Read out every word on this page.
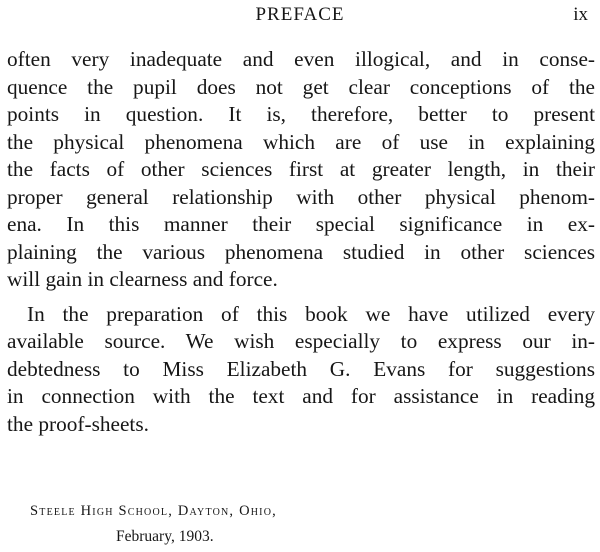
PREFACE	ix
often very inadequate and even illogical, and in conse-
quence the pupil does not get clear conceptions of the
points in question. It is, therefore, better to present
the physical phenomena which are of use in explaining
the facts of other sciences first at greater length, in their
proper general relationship with other physical phenom-
ena. In this manner their special significance in ex-
plaining the various phenomena studied in other sciences
will gain in clearness and force.
In the preparation of this book we have utilized every
available source. We wish especially to express our in-
debtedness to Miss Elizabeth G. Evans for suggestions
in connection with the text and for assistance in reading
the proof-sheets.
Steele High School, Dayton, Ohio,
February, 1903.
